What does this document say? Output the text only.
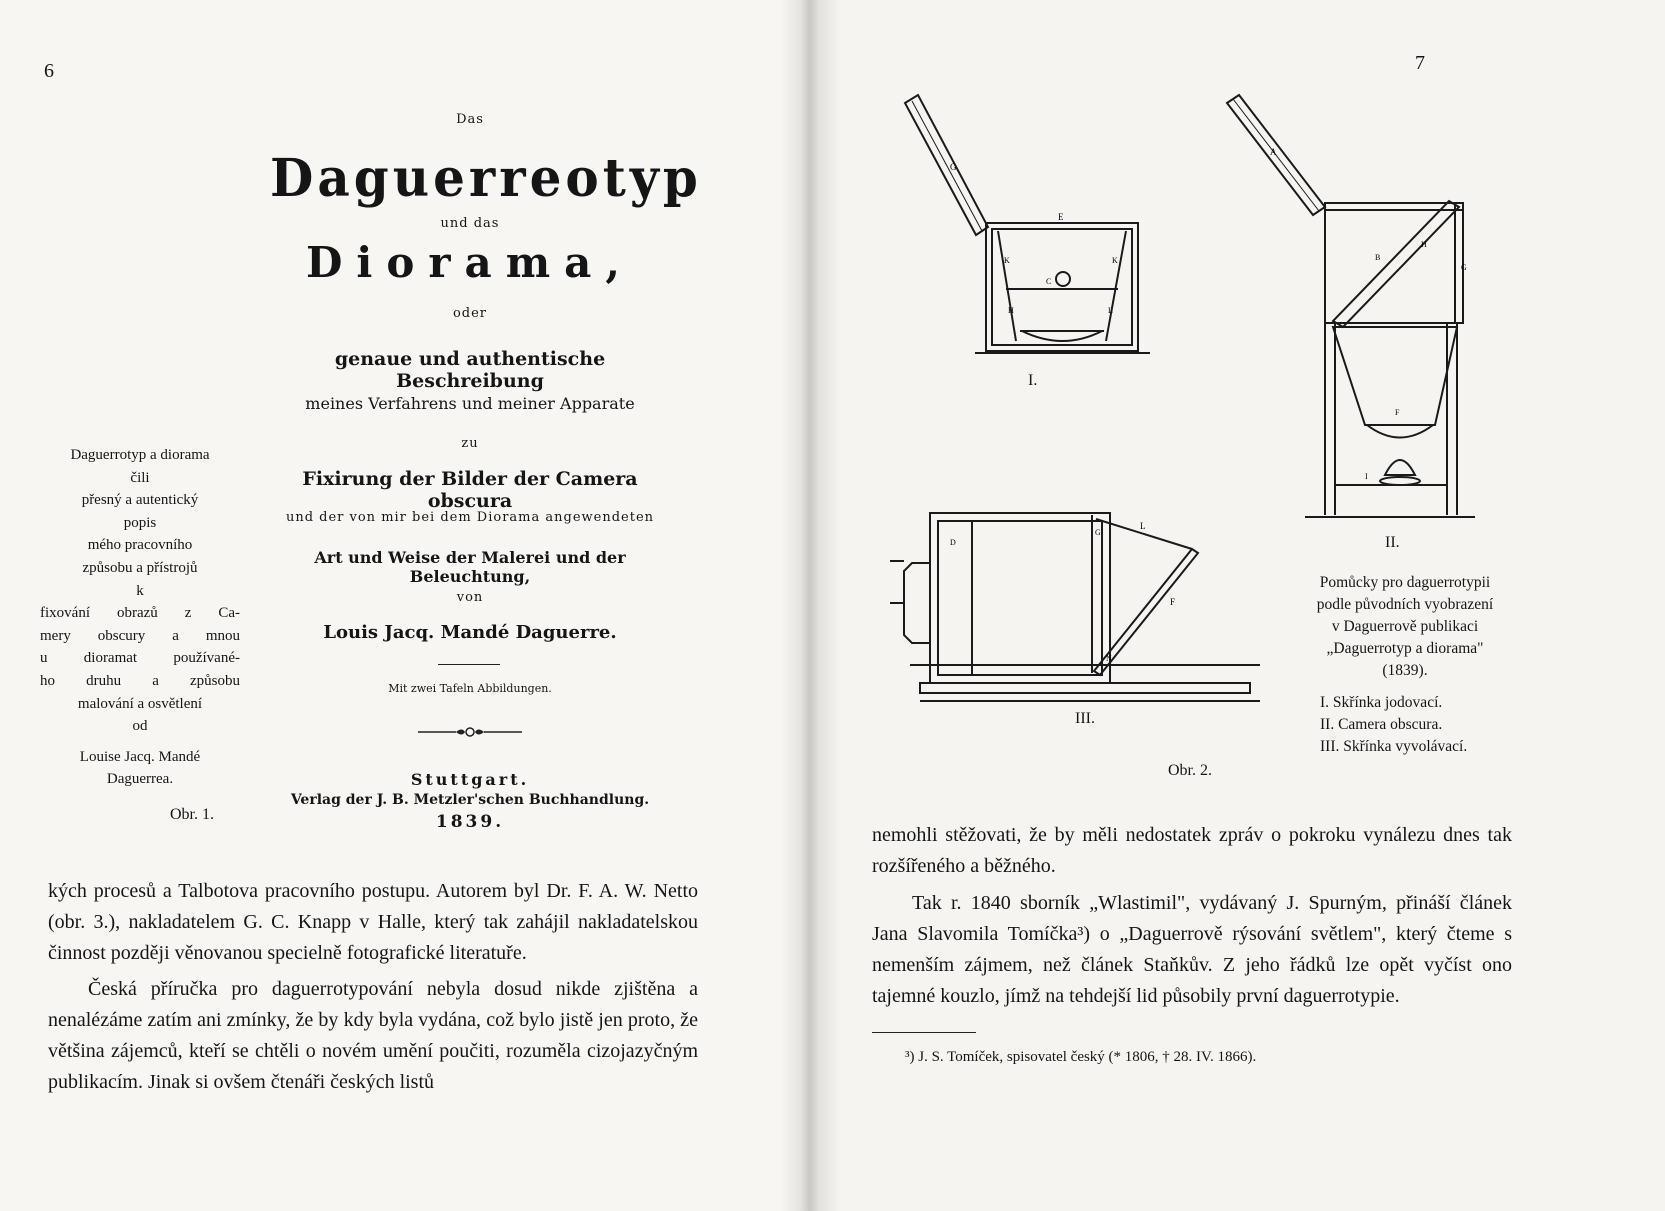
6
Das
Daguerreotyp
und das
Diorama,
oder
genaue und authentische Beschreibung
meines Verfahrens und meiner Apparate
zu
Fixirung der Bilder der Camera obscura
und der von mir bei dem Diorama angewendeten
Art und Weise der Malerei und der Beleuchtung,
von
Louis Jacq. Mandé Daguerre.
Mit zwei Tafeln Abbildungen.
Stuttgart.
Verlag der J. B. Metzler'schen Buchhandlung.
1839.
Daguerrotyp a diorama
čili
přesný a autentický
popis
mého pracovního
způsobu a přístrojů
k
fixování obrazů z Ca-
mery obscury a mnou
u dioramat používané-
ho druhu a způsobu
malování a osvětlení
od
Louise Jacq. Mandé
Daguerrea.
Obr. 1.

kých procesů a Talbotova pracovního postupu. Autorem byl Dr. F. A. W. Netto (obr. 3.), nakladatelem G. C. Knapp v Halle, který tak zahájil nakladatelskou činnost později věnovanou specielně fotografické literatuře.

Česká příručka pro daguerrotypování nebyla dosud nikde zjištěna a nenalézáme zatím ani zmínky, že by kdy byla vydána, což bylo jistě jen proto, že většina zájemců, kteří se chtěli o novém umění poučiti, rozuměla cizojazyčným publikacím. Jinak si ovšem čtenáři českých listů

7
G
E
K	K
C
H	L
I.
A
B
H
G
F
I
II.
D
G
L
F
N
III.
Obr. 2.
Pomůcky pro daguerrotypii
podle původních vyobrazení
v Daguerrově publikaci
„Daguerrotyp a diorama"
(1839).
I. Skřínka jodovací.
II. Camera obscura.
III. Skřínka vyvolávací.

nemohli stěžovati, že by měli nedostatek zpráv o pokroku vynálezu dnes tak rozšířeného a běžného.

Tak r. 1840 sborník „Wlastimil", vydávaný J. Spurným, přináší článek Jana Slavomila Tomíčka³) o „Daguerrově rýsování světlem", který čteme s nemenším zájmem, než článek Staňkův. Z jeho řádků lze opět vyčíst ono tajemné kouzlo, jímž na tehdejší lid působily první daguerrotypie.

³) J. S. Tomíček, spisovatel český (* 1806, † 28. IV. 1866).
